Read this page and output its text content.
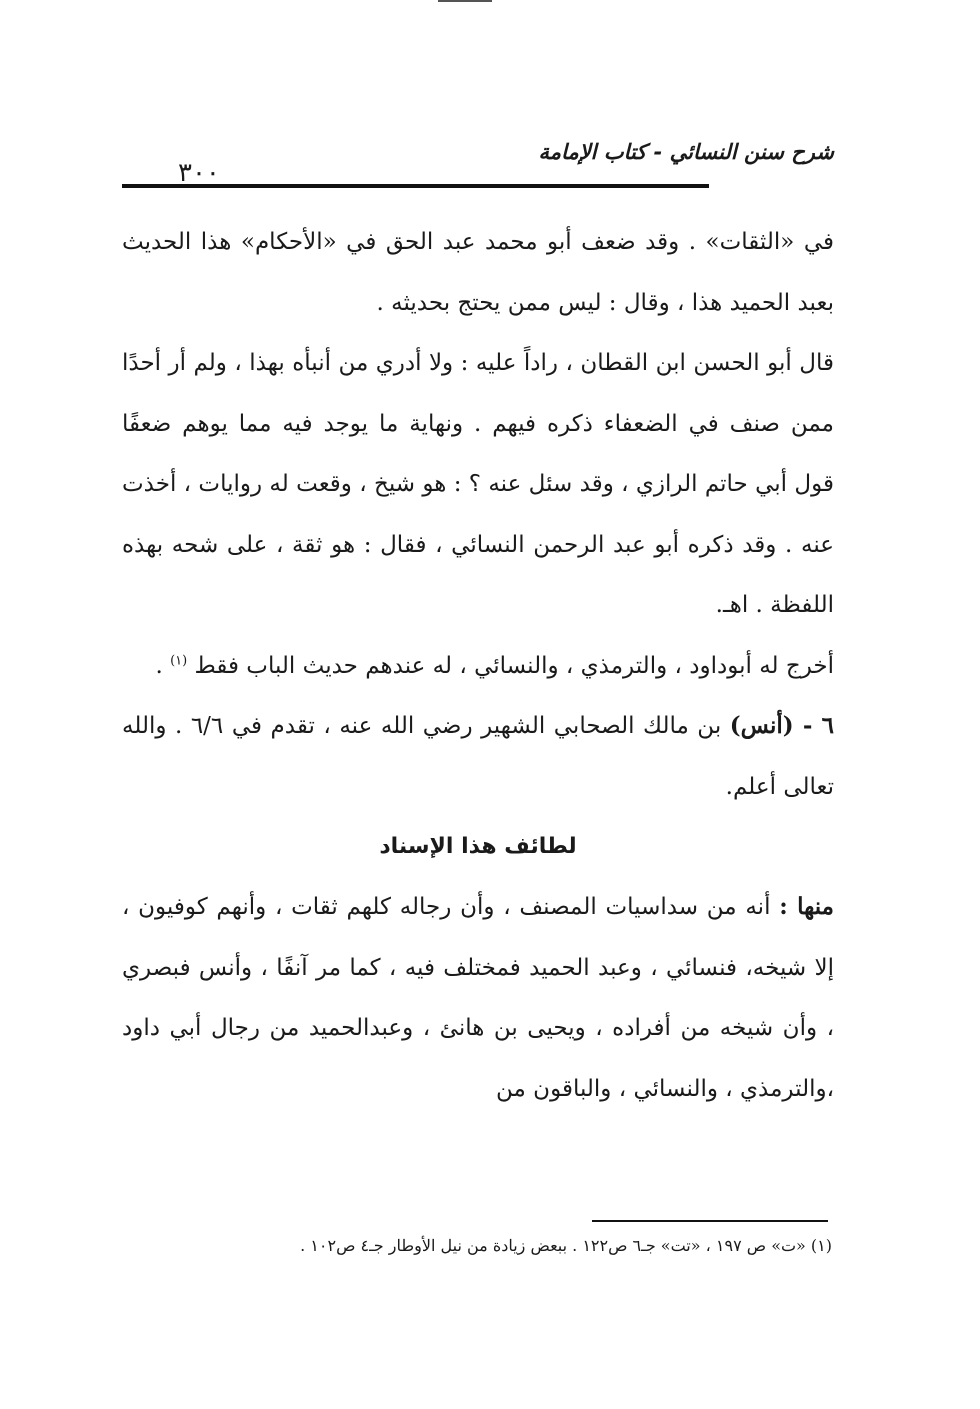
شرح سنن النسائي - كتاب الإمامة
٣٠٠

في «الثقات» . وقد ضعف أبو محمد عبد الحق في «الأحكام» هذا الحديث بعبد الحميد هذا ، وقال : ليس ممن يحتج بحديثه .

قال أبو الحسن ابن القطان ، راداً عليه : ولا أدري من أنبأه بهذا ، ولم أر أحدًا ممن صنف في الضعفاء ذكره فيهم . ونهاية ما يوجد فيه مما يوهم ضعفًا قول أبي حاتم الرازي ، وقد سئل عنه ؟ : هو شيخ ، وقعت له روايات ، أخذت عنه . وقد ذكره أبو عبد الرحمن النسائي ، فقال : هو ثقة ، على شحه بهذه اللفظة . اهـ.

أخرج له أبوداود ، والترمذي ، والنسائي ، له عندهم حديث الباب فقط $^{(١)}$ .

٦ - (أنس) بن مالك الصحابي الشهير رضي الله عنه ، تقدم في ٦/٦ . والله تعالى أعلم.

لطائف هذا الإسناد

منها : أنه من سداسيات المصنف ، وأن رجاله كلهم ثقات ، وأنهم كوفيون ، إلا شيخه، فنسائي ، وعبد الحميد فمختلف فيه ، كما مر آنفًا ، وأنس فبصري ، وأن شيخه من أفراده ، ويحيى بن هانئ ، وعبدالحميد من رجال أبي داود ،والترمذي ، والنسائي ، والباقون من

(١) «ت» ص ١٩٧ ، «تت» جـ٦ ص١٢٢ . ببعض زيادة من نيل الأوطار جـ٤ ص١٠٢ .
